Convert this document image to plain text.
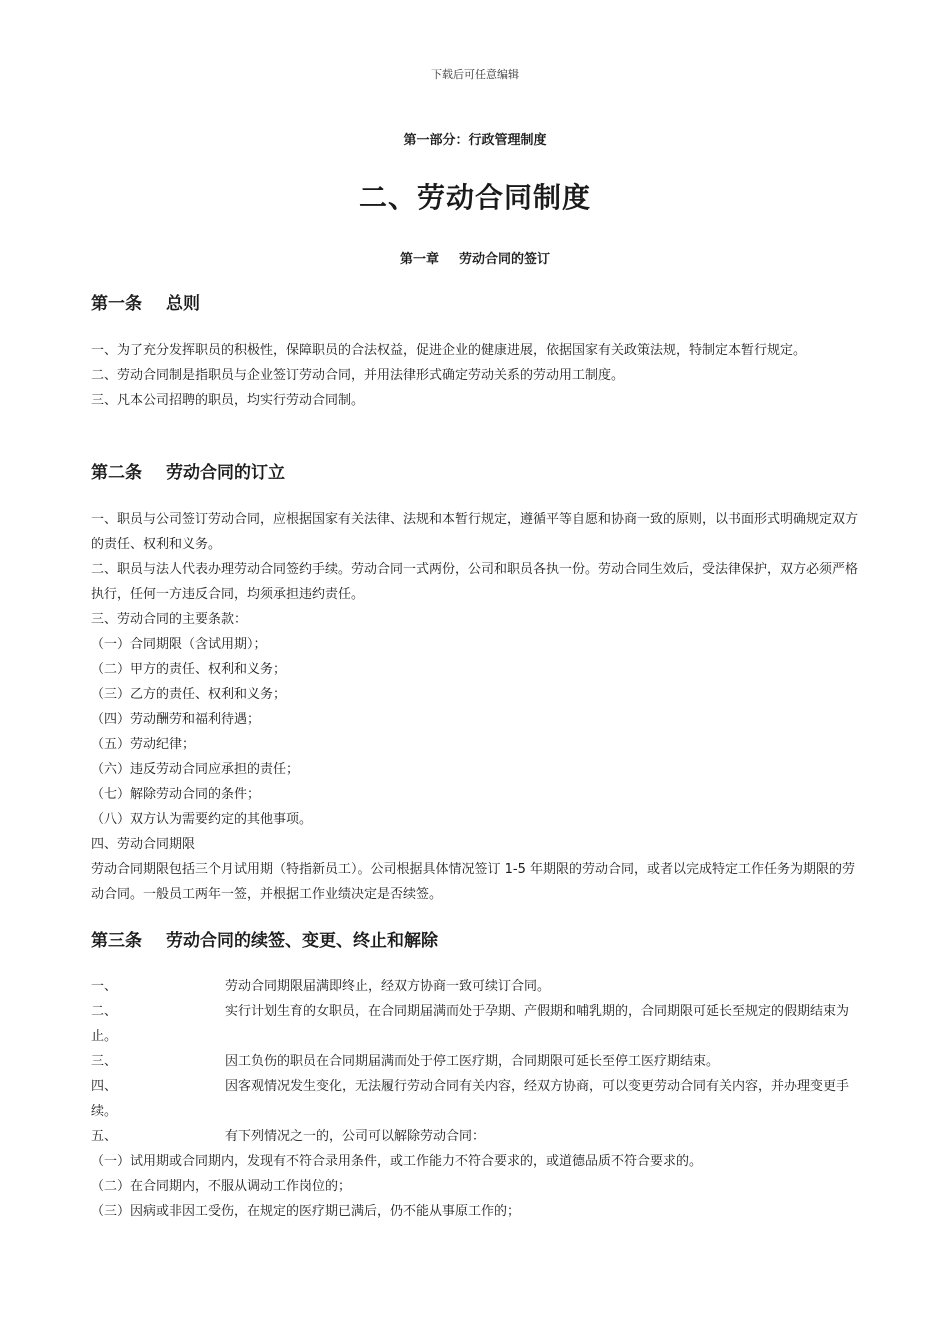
下载后可任意编辑
第一部分：行政管理制度
二、劳动合同制度
第一章 劳动合同的签订
第一条 总则

一、为了充分发挥职员的积极性，保障职员的合法权益，促进企业的健康进展，依据国家有关政策法规，特制定本暂行规定。

二、劳动合同制是指职员与企业签订劳动合同，并用法律形式确定劳动关系的劳动用工制度。

三、凡本公司招聘的职员，均实行劳动合同制。

第二条 劳动合同的订立

一、职员与公司签订劳动合同，应根据国家有关法律、法规和本暂行规定，遵循平等自愿和协商一致的原则，以书面形式明确规定双方的责任、权利和义务。

二、职员与法人代表办理劳动合同签约手续。劳动合同一式两份，公司和职员各执一份。劳动合同生效后，受法律保护，双方必须严格执行，任何一方违反合同，均须承担违约责任。

三、劳动合同的主要条款：

（一）合同期限（含试用期）；

（二）甲方的责任、权利和义务；

（三）乙方的责任、权利和义务；

（四）劳动酬劳和福利待遇；

（五）劳动纪律；

（六）违反劳动合同应承担的责任；

（七）解除劳动合同的条件；

（八）双方认为需要约定的其他事项。

四、劳动合同期限

劳动合同期限包括三个月试用期（特指新员工）。公司根据具体情况签订 1-5 年期限的劳动合同，或者以完成特定工作任务为期限的劳动合同。一般员工两年一签，并根据工作业绩决定是否续签。

第三条 劳动合同的续签、变更、终止和解除
一、	劳动合同期限届满即终止，经双方协商一致可续订合同。
二、	实行计划生育的女职员，在合同期届满而处于孕期、产假期和哺乳期的，合同期限可延长至规定的假期结束为止。
三、	因工负伤的职员在合同期届满而处于停工医疗期，合同期限可延长至停工医疗期结束。
四、	因客观情况发生变化，无法履行劳动合同有关内容，经双方协商，可以变更劳动合同有关内容，并办理变更手续。
五、	有下列情况之一的，公司可以解除劳动合同：

（一）试用期或合同期内，发现有不符合录用条件，或工作能力不符合要求的，或道德品质不符合要求的。

（二）在合同期内，不服从调动工作岗位的；

（三）因病或非因工受伤，在规定的医疗期已满后，仍不能从事原工作的；
